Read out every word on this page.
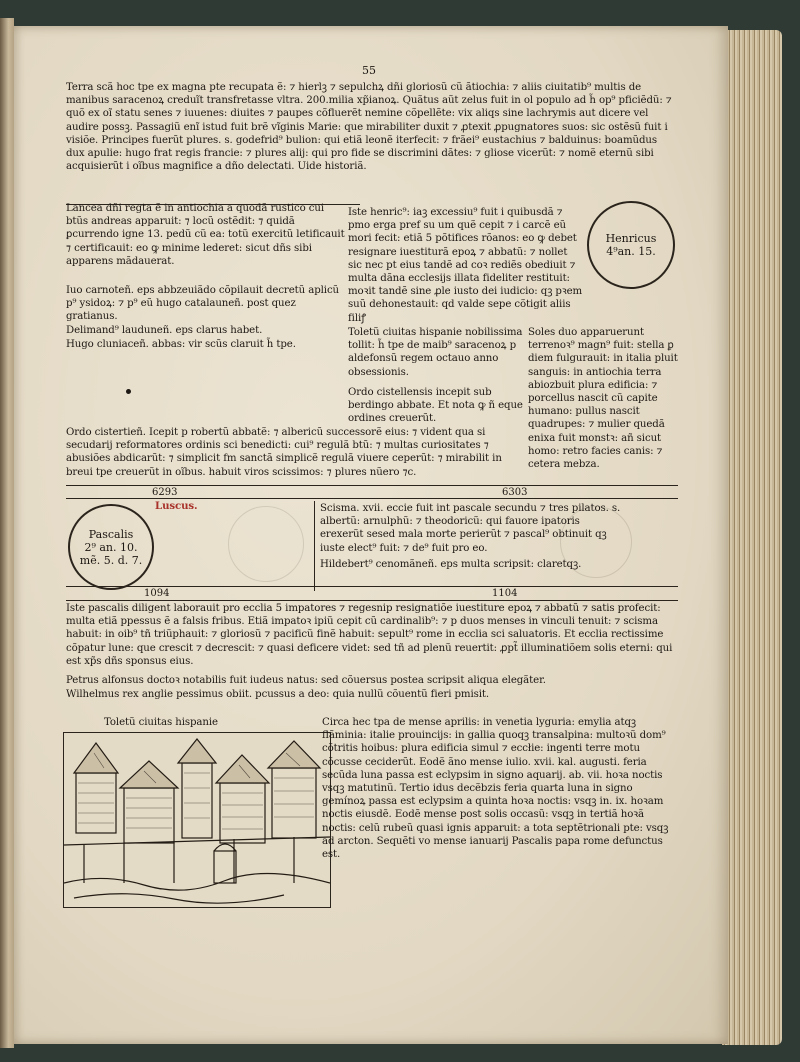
55
Terra scã hoc tpe ex magna pte recupata ẽ: ⁊ hierlꝫ ⁊ sepulchꝝ dñi gloriosũ cũ ãtiochia: ⁊ aliis ciuitatib⁹ multis de manibus saracenoꝝ creduĩt transfretasse vltra. 200.milia xp̃ianoꝝ. Quãtus aũt zelus fuit in ol populo ad h̃ op⁹ pficiẽdũ: ⁊ quõ ex oĩ statu senes ⁊ iuuenes: diuites ⁊ paupes cõfluerẽt nemine cõpellẽte: vix aliqs sine lachrymis aut dicere vel audire possꝫ. Passagiũ enĩ istud fuit brẽ vĩginis Marie: que mirabiliter duxit ⁊ ꝓtexit ꝓpugnatores suos: sic ostẽsũ fuit i visiõe. Principes fuerũt plures. s. godefrid⁹ bulion: qui etiã leonẽ iterfecit: ⁊ frãei⁹ eustachius ⁊ balduinus: boamũdus dux apulie: hugo frat regis francie: ⁊ plures alij: qui pro fide se discrimini dãtes: ⁊ gliose vicerũt: ⁊ nomẽ eternũ sibi acquisierũt i oĩbus magnifice a dño delectati. Uide historiã.
Lancea dñi regta ẽ in antiochia a quodã rustico cui btũs andreas apparuit: ⁊ locũ ostẽdit: ⁊ quidã ꝑcurrendo igne 13. pedũ cũ ea: totũ exercitũ letificauit ⁊ certificauit: eo ꝙ minime lederet: sicut dñs sibi apparens mãdauerat.
Iste henric⁹: iaꝫ excessiu⁹ fuit i quibusdã ⁊ pmo erga pref su um quẽ cepit ⁊ i carcẽ eũ mori fecit: etiã 5 põtifices rõanos: eo ꝙ debet resignare iuestiturã epoꝝ ⁊ abbatũ: ⁊ nollet sic nec pt eius tandẽ ad coꝛ rediẽs obediuit ⁊ multa dãna ecclesijs illata fideliter restituit: moꝛit tandẽ sine ꝓle iusto dei iudicio: qꝫ pꝛem suũ dehonestauit: qd valde sepe cõtigit aliis filiꝭ
Henricus
4⁹an. 15.
Iuo carnoteñ. eps abbzeuiãdo cõpilauit decretũ aplicũ p⁹ ysidoꝝ: ⁊ p⁹ eũ hugo catalauneñ. post quez gratianus.
Delimand⁹ lauduneñ. eps clarus habet.
Hugo cluniaceñ. abbas: vir scũs claruit h̃ tpe.
Toletũ ciuitas hispanie nobilissima tollit: h̃ tpe de maib⁹ saracenoꝝ p aldefonsũ regem octauo anno obsessionis.
Ordo cistellensis incepit sub berdingo abbate. Et nota ꝙ ñ eque ordines creuerũt.
Soles duo apparuerunt terrenoꝛ⁹ magn⁹ fuit: stella ꝑ diem fulgurauit: in italia pluit sanguis: in antiochia terra abiozbuit plura edificia: ⁊ porcellus nascit cũ capite humano: pullus nascit quadrupes: ⁊ mulier quedã enixa fuit monstꝛ: añ sicut homo: retro facies canis: ⁊ cetera mebza.
Ordo cistertieñ. Icepit p robertũ abbatẽ: ⁊ albericũ successorẽ eius: ⁊ vident qua si secudarij reformatores ordinis sci benedicti: cui⁹ regulã btũ: ⁊ multas curiositates ⁊ abusiões abdicarũt: ⁊ simplicit fm sanctã simplicẽ regulã viuere ceperũt: ⁊ mirabilit in breui tpe creuerũt in oĩbus. habuit viros scissimos: ⁊ plures nũero ⁊c.
6293	6303
Luscus.
Pascalis
2⁹ an. 10.
mẽ. 5. d. 7.
Scisma. xvii. eccie fuit int pascale secundu ⁊ tres pilatos. s. albertũ: arnulphũ: ⁊ theodoricũ: qui fauore ipatoris erexerũt sesed mala morte perierũt ⁊ pascal⁹ obtinuit qꝫ iuste elect⁹ fuit: ⁊ de⁹ fuit pro eo.
Hildebert⁹ cenomãneñ. eps multa scripsit: claretqꝫ.
1094	1104
Iste pascalis diligent laborauit pro ecclia 5 impatores ⁊ regesnip resignatiõe iuestiture epoꝝ ⁊ abbatũ ⁊ satis profecit: multa etiã ppessus ẽ a falsis fribus. Etiã impatoꝛ ipiũ cepit cũ cardinalib⁹: ⁊ p duos menses in vinculi tenuit: ⁊ scisma habuit: in oib⁹ tñ triũphauit: ⁊ gloriosũ ⁊ pacificũ finẽ habuit: sepult⁹ rome in ecclia sci saluatoris. Et ecclia rectissime cõpatur lune: que crescit ⁊ decrescit: ⁊ quasi deficere videt: sed tñ ad plenũ reuertit: ꝓpt̃ illuminatiõem solis eterni: qui est xp̃s dñs sponsus eius.
Petrus alfonsus doctoꝛ notabilis fuit iudeus natus: sed cõuersus postea scripsit aliqua elegãter.
Wilhelmus rex anglie pessimus obiit. pcussus a deo: quia nullũ cõuentũ fieri pmisit.
Toletũ ciuitas hispanie	Circa hec tpa de mense aprilis: in venetia lyguria: emylia atqꝫ flãminia: italie prouincijs: in gallia quoqꝫ transalpina: multoꝛũ dom⁹ cõtritis hoibus: plura edificia simul ⁊ eccłie: ingenti terre motu cõcusse ceciderũt. Eodẽ ãno mense iulio. xvii. kal. augusti. feria secũda luna passa est eclypsim in signo aquarij. ab. vii. hoꝛa noctis vsqꝫ matutinũ. Tertio idus decẽbzis feria quarta luna in signo gemínoꝝ passa est eclypsim a quinta hoꝛa noctis: vsqꝫ in. ix. hoꝛam noctis eiusdẽ. Eodẽ mense post solis occasũ: vsqꝫ in tertiã hoꝛã noctis: celũ rubeũ quasi ignis apparuit: a tota septẽtrionali pte: vsqꝫ ad arcton. Sequẽti vo mense ianuarij Pascalis papa rome defunctus est.
